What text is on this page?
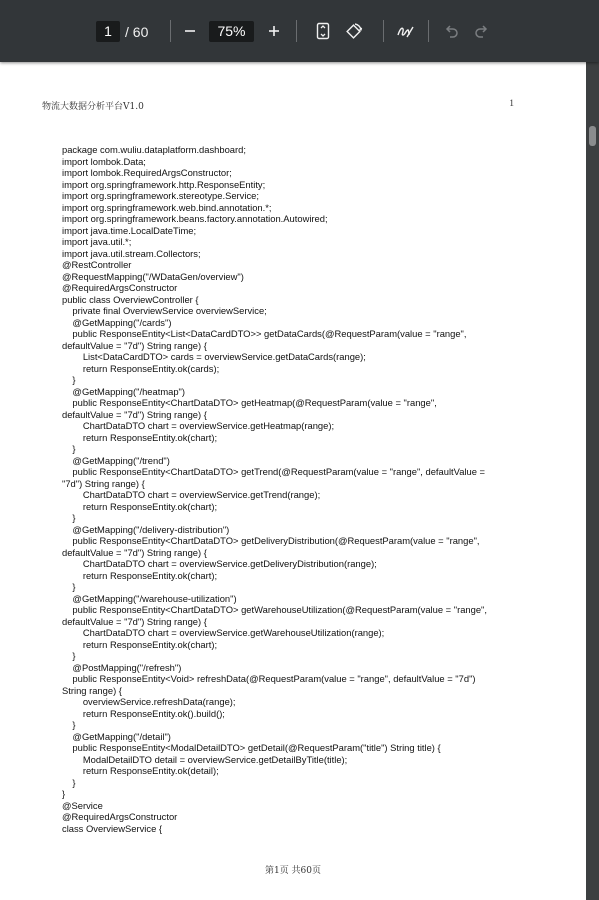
1 / 60	75%
物流大数据分析平台V1.0	1
package com.wuliu.dataplatform.dashboard;
import lombok.Data;
import lombok.RequiredArgsConstructor;
import org.springframework.http.ResponseEntity;
import org.springframework.stereotype.Service;
import org.springframework.web.bind.annotation.*;
import org.springframework.beans.factory.annotation.Autowired;
import java.time.LocalDateTime;
import java.util.*;
import java.util.stream.Collectors;
@RestController
@RequestMapping("/WDataGen/overview")
@RequiredArgsConstructor
public class OverviewController {
private final OverviewService overviewService;
@GetMapping("/cards")
public ResponseEntity<List<DataCardDTO>> getDataCards(@RequestParam(value = "range",
defaultValue = "7d") String range) {
List<DataCardDTO> cards = overviewService.getDataCards(range);
return ResponseEntity.ok(cards);
}
@GetMapping("/heatmap")
public ResponseEntity<ChartDataDTO> getHeatmap(@RequestParam(value = "range",
defaultValue = "7d") String range) {
ChartDataDTO chart = overviewService.getHeatmap(range);
return ResponseEntity.ok(chart);
}
@GetMapping("/trend")
public ResponseEntity<ChartDataDTO> getTrend(@RequestParam(value = "range", defaultValue =
"7d") String range) {
ChartDataDTO chart = overviewService.getTrend(range);
return ResponseEntity.ok(chart);
}
@GetMapping("/delivery-distribution")
public ResponseEntity<ChartDataDTO> getDeliveryDistribution(@RequestParam(value = "range",
defaultValue = "7d") String range) {
ChartDataDTO chart = overviewService.getDeliveryDistribution(range);
return ResponseEntity.ok(chart);
}
@GetMapping("/warehouse-utilization")
public ResponseEntity<ChartDataDTO> getWarehouseUtilization(@RequestParam(value = "range",
defaultValue = "7d") String range) {
ChartDataDTO chart = overviewService.getWarehouseUtilization(range);
return ResponseEntity.ok(chart);
}
@PostMapping("/refresh")
public ResponseEntity<Void> refreshData(@RequestParam(value = "range", defaultValue = "7d")
String range) {
overviewService.refreshData(range);
return ResponseEntity.ok().build();
}
@GetMapping("/detail")
public ResponseEntity<ModalDetailDTO> getDetail(@RequestParam("title") String title) {
ModalDetailDTO detail = overviewService.getDetailByTitle(title);
return ResponseEntity.ok(detail);
}
}
@Service
@RequiredArgsConstructor
class OverviewService {
第1页 共60页
